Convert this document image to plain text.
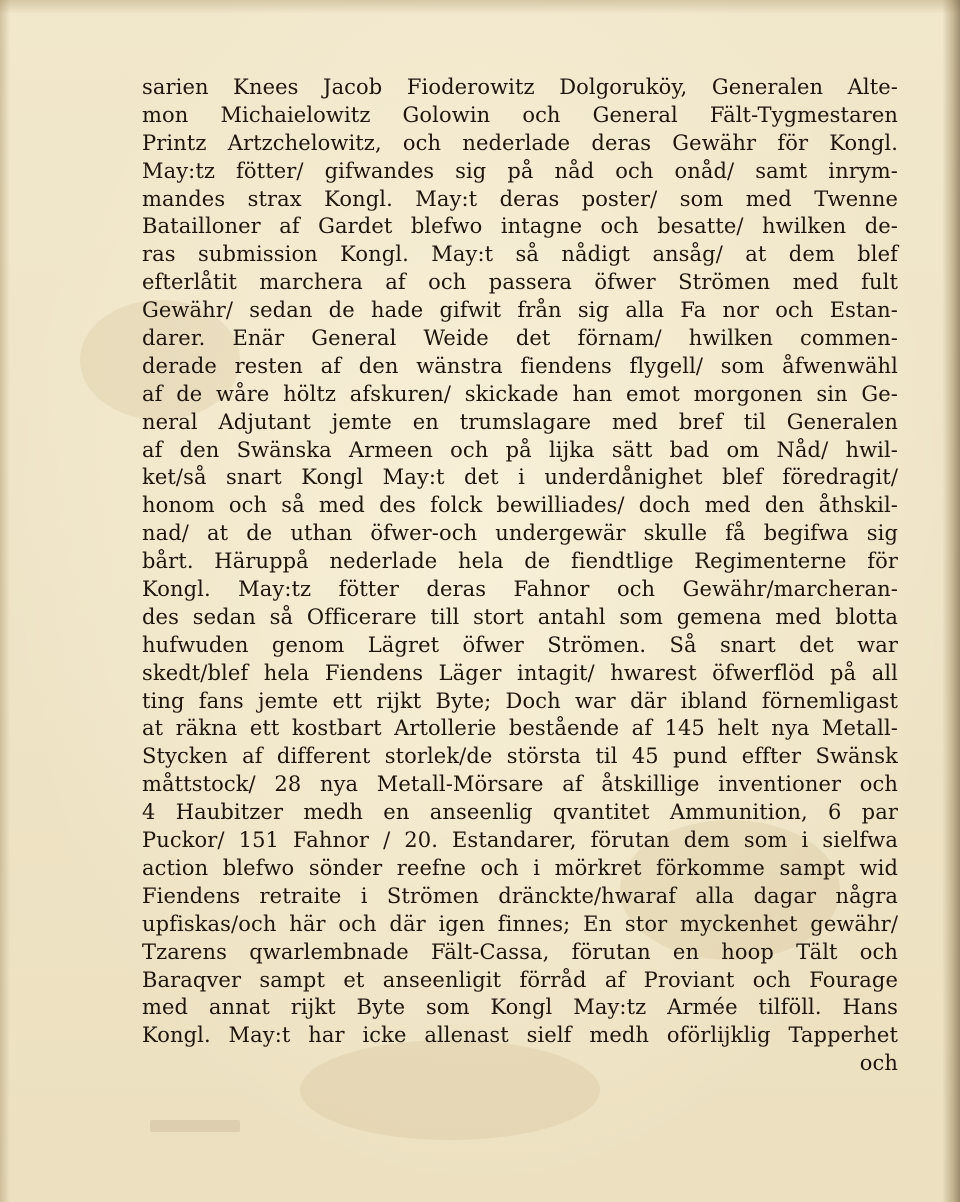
sarien Knees Jacob Fioderowitz Dolgoruköy, Generalen Alte-
mon Michaielowitz Golowin och General Fält-Tygmestaren
Printz Artzchelowitz, och nederlade deras Gewähr för Kongl.
May:tz fötter/ gifwandes sig på nåd och onåd/ samt inrym-
mandes strax Kongl. May:t deras poster/ som med Twenne
Batailloner af Gardet blefwo intagne och besatte/ hwilken de-
ras submission Kongl. May:t så nådigt ansåg/ at dem blef
efterlåtit marchera af och passera öfwer Strömen med fult
Gewähr/ sedan de hade gifwit från sig alla Fa nor och Estan-
darer. Enär General Weide det förnam/ hwilken commen-
derade resten af den wänstra fiendens flygell/ som åfwenwähl
af de wåre höltz afskuren/ skickade han emot morgonen sin Ge-
neral Adjutant jemte en trumslagare med bref til Generalen
af den Swänska Armeen och på lijka sätt bad om Nåd/ hwil-
ket/så snart Kongl May:t det i underdånighet blef föredragit/
honom och så med des folck bewilliades/ doch med den åthskil-
nad/ at de uthan öfwer-och undergewär skulle få begifwa sig
bårt. Häruppå nederlade hela de fiendtlige Regimenterne för
Kongl. May:tz fötter deras Fahnor och Gewähr/marcheran-
des sedan så Officerare till stort antahl som gemena med blotta
hufwuden genom Lägret öfwer Strömen. Så snart det war
skedt/blef hela Fiendens Läger intagit/ hwarest öfwerflöd på all
ting fans jemte ett rijkt Byte; Doch war där ibland förnemligast
at räkna ett kostbart Artollerie bestående af 145 helt nya Metall-
Stycken af different storlek/de största til 45 pund effter Swänsk
måttstock/ 28 nya Metall-Mörsare af åtskillige inventioner och
4 Haubitzer medh en anseenlig qvantitet Ammunition, 6 par
Puckor/ 151 Fahnor / 20. Estandarer, förutan dem som i sielfwa
action blefwo sönder reefne och i mörkret förkomme sampt wid
Fiendens retraite i Strömen dränckte/hwaraf alla dagar några
upfiskas/och här och där igen finnes; En stor myckenhet gewähr/
Tzarens qwarlembnade Fält-Cassa, förutan en hoop Tält och
Baraqver sampt et anseenligit förråd af Proviant och Fourage
med annat rijkt Byte som Kongl May:tz Armée tilföll. Hans
Kongl. May:t har icke allenast sielf medh oförlijklig Tapperhet
och
